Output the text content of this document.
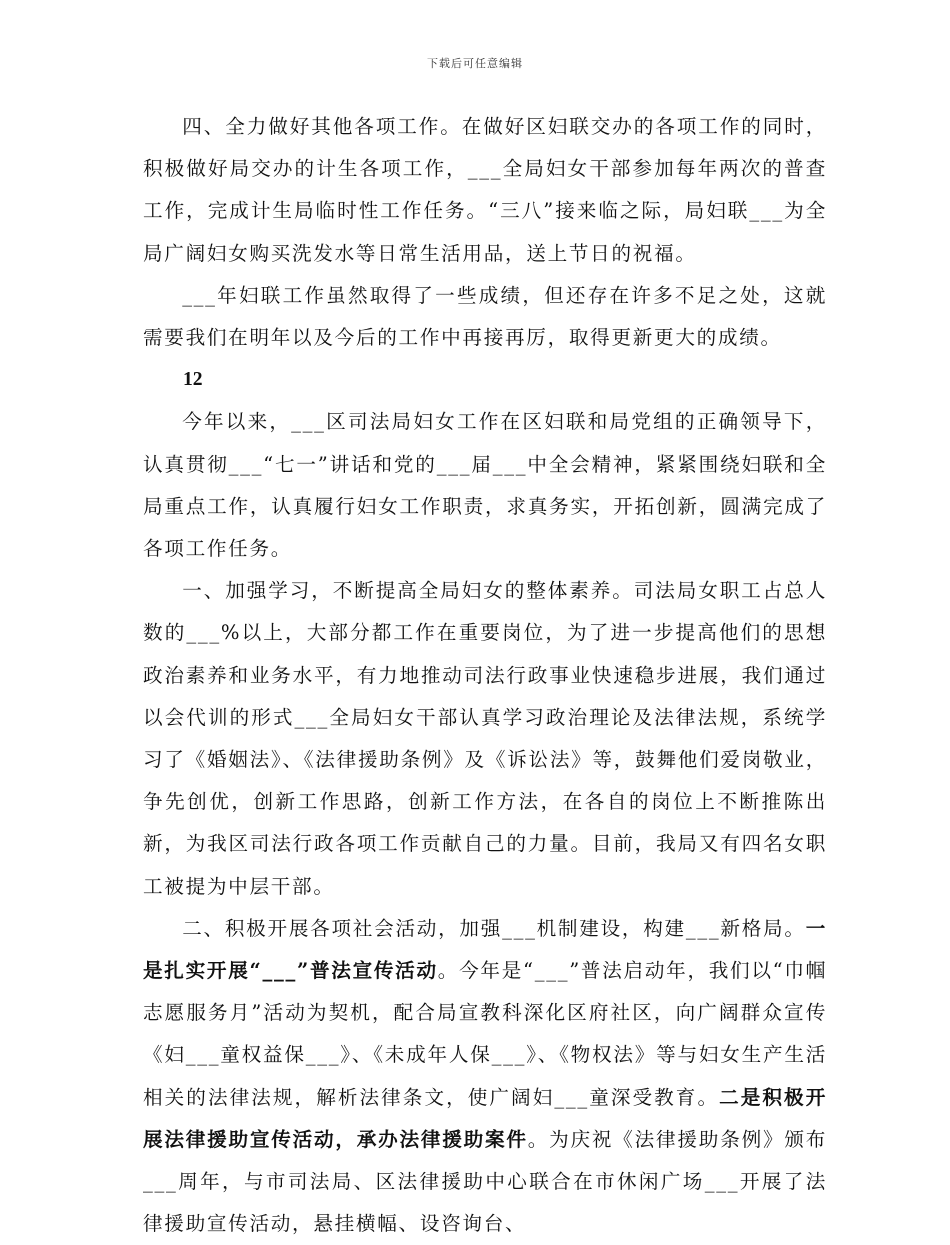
下载后可任意编辑

四、全力做好其他各项工作。在做好区妇联交办的各项工作的同时，积极做好局交办的计生各项工作，___全局妇女干部参加每年两次的普查工作，完成计生局临时性工作任务。“三八”接来临之际，局妇联___为全局广阔妇女购买洗发水等日常生活用品，送上节日的祝福。

___年妇联工作虽然取得了一些成绩，但还存在许多不足之处，这就需要我们在明年以及今后的工作中再接再厉，取得更新更大的成绩。

12

今年以来，___区司法局妇女工作在区妇联和局党组的正确领导下，认真贯彻___“七一”讲话和党的___届___中全会精神，紧紧围绕妇联和全局重点工作，认真履行妇女工作职责，求真务实，开拓创新，圆满完成了各项工作任务。

一、加强学习，不断提高全局妇女的整体素养。司法局女职工占总人数的___%以上，大部分都工作在重要岗位，为了进一步提高他们的思想政治素养和业务水平，有力地推动司法行政事业快速稳步进展，我们通过以会代训的形式___全局妇女干部认真学习政治理论及法律法规，系统学习了《婚姻法》、《法律援助条例》及《诉讼法》等，鼓舞他们爱岗敬业，争先创优，创新工作思路，创新工作方法，在各自的岗位上不断推陈出新，为我区司法行政各项工作贡献自己的力量。目前，我局又有四名女职工被提为中层干部。

二、积极开展各项社会活动，加强___机制建设，构建___新格局。一是扎实开展“___”普法宣传活动。今年是“___”普法启动年，我们以“巾帼志愿服务月”活动为契机，配合局宣教科深化区府社区，向广阔群众宣传《妇___童权益保___》、《未成年人保___》、《物权法》等与妇女生产生活相关的法律法规，解析法律条文，使广阔妇___童深受教育。二是积极开展法律援助宣传活动，承办法律援助案件。为庆祝《法律援助条例》颁布___周年，与市司法局、区法律援助中心联合在市休闲广场___开展了法律援助宣传活动，悬挂横幅、设咨询台、
